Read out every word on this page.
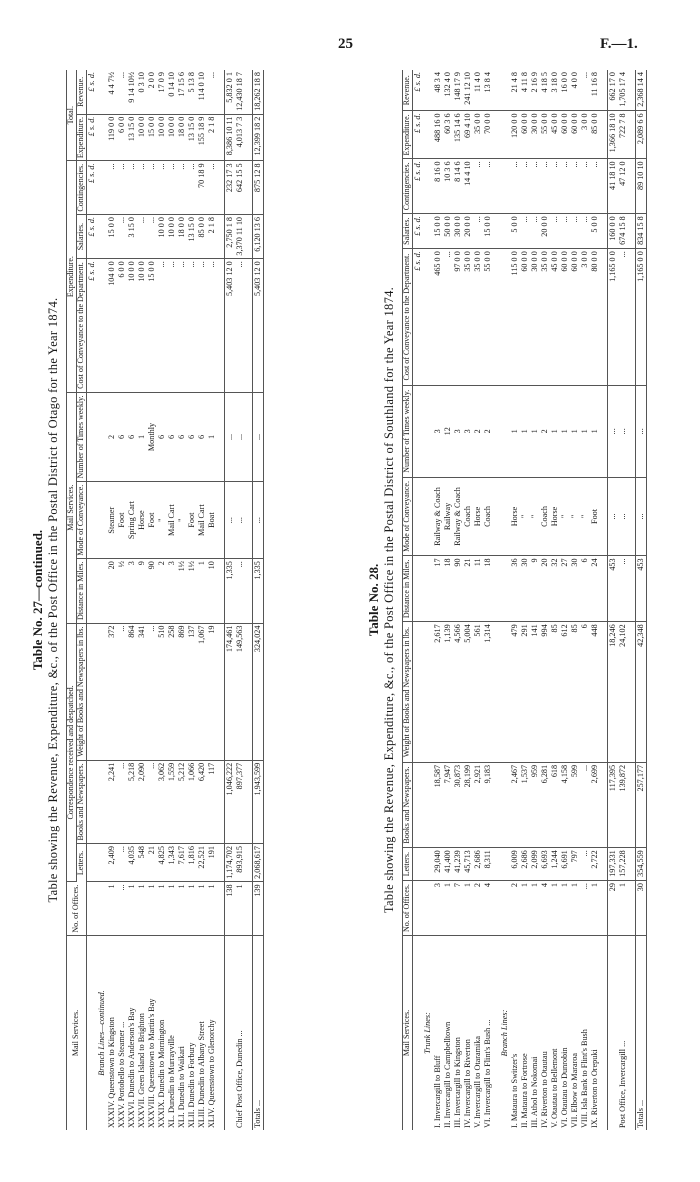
25	F.—1.
Table No. 27—continued. Table showing the Revenue, Expenditure, &c., of the Post Office in the Postal District of Otago for the Year 1874.
Mail Services.	No. of Offices.	Correspondence received and despatched.			Mail Services.			Expenditure.			Total.	
		Letters.	Books and Newspapers.	Weight of Books and Newspapers in lbs.	Distance in Miles.	Mode of Conveyance.	Number of Times weekly.	Cost of Conveyance to the Department.	Salaries.	Contingencies.	Expenditure.	Revenue.
								£ s. d.	£ s. d.	£ s. d.	£ s. d.	£ s. d.
Branch Lines—continued.												
XXXIV. Queenstown to Kingston	1	2,409	2,241	372	20	Steamer	2	104 0 0	15 0 0	...	119 0 0	4 4 7½
XXXV. Portobello to Steamer ...	...	...	...	...	½	Foot	6	6 0 0	...	...	6 0 0	...
XXXVI. Dunedin to Anderson's Bay	1	4,035	5,218	864	3	Spring Cart	6	10 0 0	3 15 0	...	13 15 0	9 14 10½
XXXVII. Green Island to Brighton	1	548	2,090	341	9	Horse	1	10 0 0	...	...	10 0 0	0 3 10
XXXVIII. Queenstown to Martin's Bay	1	21	...	...	90	Foot	Monthly	15 0 0	...	...	15 0 0	2 0 0
XXXIX. Dunedin to Mornington	1	4,825	3,062	510	2	"	6	...	10 0 0	...	10 0 0	17 0 9
XL. Dunedin to Murrayville	1	1,343	1,559	258	3	Mail Cart	6	...	10 0 0	...	10 0 0	0 14 10
XLI. Dunedin to Waikari	1	7,617	5,212	869	1½	"	6	...	18 0 0	...	18 0 0	17 15 6
XLII. Dunedin to Forbury	1	1,816	1,066	137	1½	Foot	6	...	13 15 0	...	13 15 0	5 13 8
XLIII. Dunedin to Albany Street	1	22,521	6,420	1,067	1	Mail Cart	6	...	85 0 0	70 18 9	155 18 9	114 0 10
XLIV. Queenstown to Glenorchy	1	191	117	19	10	Boat	1	...	2 1 8	...	2 1 8	...

	138	1,174,702	1,046,222	174,461	1,335	...	...	5,403 12 0	2,750 1 8	232 17 3	8,386 10 11	5,832 0 1
Chief Post Office, Dunedin ...	1	893,915	897,377	149,563	...	...	...	...	3,370 11 10	642 15 5	4,013 7 3	12,430 18 7

Totals ...	139	2,068,617	1,943,599	324,024	1,335	...	...	5,403 12 0	6,120 13 6	875 12 8	12,399 18 2	18,262 18 8
Table No. 28. Table showing the Revenue, Expenditure, &c., of the Post Office in the Postal District of Southland for the Year 1874.
Mail Services.	No. of Offices.	Letters.	Books and Newspapers.	Weight of Books and Newspapers in lbs.	Distance in Miles.	Mode of Conveyance.	Number of Times weekly.	Cost of Conveyance to the Department.	Salaries.	Contingencies.	Expenditure.	Revenue.
								£ s. d.	£ s. d.	£ s. d.	£ s. d.	£ s. d.
Trunk Lines:												
I. Invercargill to Bluff	3	29,040	18,587	2,617	17	Railway & Coach	3	465 0 0	15 0 0	8 16 0	488 16 0	48 3 4
II. Invercargill to Campbelltown	1	41,400	7,947	1,139	18	Railway	12	...	50 0 0	10 3 6	60 3 6	132 4 0
III. Invercargill to Kingston	7	41,239	30,873	4,566	90	Railway & Coach	3	97 0 0	30 0 0	8 14 6	135 14 6	148 17 9
IV. Invercargill to Riverton	1	45,713	28,199	5,004	21	Coach	3	35 0 0	20 0 0	14 4 10	69 4 10	241 12 10
V. Invercargill to Otaramika	2	2,686	2,921	561	11	Horse	2	35 0 0	...	...	35 0 0	11 4 0
VI. Invercargill to Flint's Bush ...	4	8,311	9,183	1,314	18	Coach	2	55 0 0	15 0 0	...	70 0 0	13 8 4

Branch Lines:												
I. Mataura to Switzer's	2	6,009	2,467	479	36	Horse	1	115 0 0	5 0 0	...	120 0 0	21 4 8
II. Mataura to Fortrose	1	2,686	1,537	291	30	"	1	60 0 0	...	...	60 0 0	4 11 8
III. Athol to Nokomai	1	2,099	959	141	9	"	1	30 0 0	...	...	30 0 0	2 16 9
IV. Riverton to Otautau	4	6,693	6,281	994	20	Coach	2	35 0 0	20 0 0	...	55 0 0	4 18 5
V. Otautau to Bellemont	1	1,244	618	85	32	Horse	1	45 0 0	...	...	45 0 0	3 18 0
VI. Otautau to Dunrobin	1	6,691	4,158	612	27	"	1	60 0 0	...	...	60 0 0	16 0 0
VII. Elbow to Mararoa	1	797	599	85	30	"	1	60 0 0	...	...	60 0 0	4 0 0
VIII. Isla Bank to Flint's Bush	...	...	...	6	6	"	1	3 0 0	...	...	3 0 0	...
IX. Riverton to Orepuki	1	2,722	2,699	448	24	Foot	1	80 0 0	5 0 0	...	85 0 0	11 16 8

	29	197,331	117,395	18,246	453	...	...	1,165 0 0	160 0 0	41 18 10	1,366 18 10	662 17 0
Post Office, Invercargill ...	1	157,228	139,872	24,102	...	...	...	...	674 15 8	47 12 0	722 7 8	1,705 17 4

Totals ...	30	354,559	257,177	42,348	453	...	...	1,165 0 0	834 15 8	89 10 10	2,089 6 6	2,368 14 4
